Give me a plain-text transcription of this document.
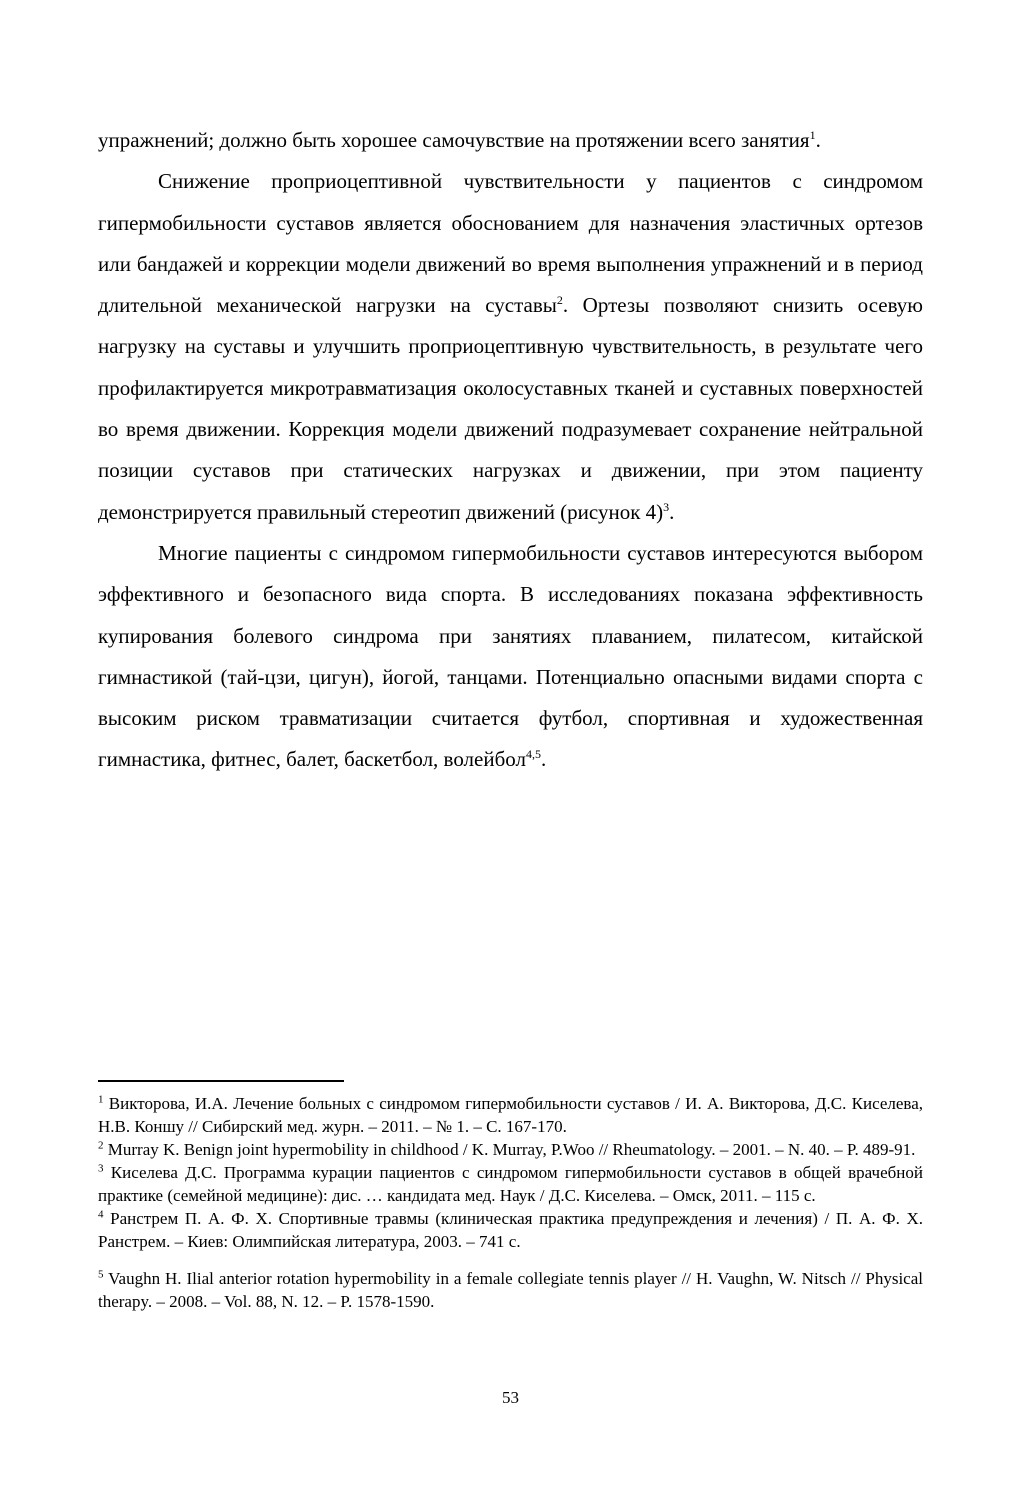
упражнений; должно быть хорошее самочувствие на протяжении всего занятия$^1$.

Снижение проприоцептивной чувствительности у пациентов с синдромом гипермобильности суставов является обоснованием для назначения эластичных ортезов или бандажей и коррекции модели движений во время выполнения упражнений и в период длительной механической нагрузки на суставы$^2$. Ортезы позволяют снизить осевую нагрузку на суставы и улучшить проприоцептивную чувствительность, в результате чего профилактируется микротравматизация околосуставных тканей и суставных поверхностей во время движении. Коррекция модели движений подразумевает сохранение нейтральной позиции суставов при статических нагрузках и движении, при этом пациенту демонстрируется правильный стереотип движений (рисунок 4)$^3$.

Многие пациенты с синдромом гипермобильности суставов интересуются выбором эффективного и безопасного вида спорта. В исследованиях показана эффективность купирования болевого синдрома при занятиях плаванием, пилатесом, китайской гимнастикой (тай-цзи, цигун), йогой, танцами. Потенциально опасными видами спорта с высоким риском травматизации считается футбол, спортивная и художественная гимнастика, фитнес, балет, баскетбол, волейбол$^{4,5}$.

$^1$ Викторова, И.А. Лечение больных с синдромом гипермобильности суставов / И. А. Викторова, Д.С. Киселева, Н.В. Коншу // Сибирский мед. журн. – 2011. – № 1. – С. 167-170.

$^2$ Murray K. Benign joint hypermobility in childhood / K. Murray, P.Woo // Rheumatology. – 2001. – N. 40. – P. 489-91.

$^3$ Киселева Д.С. Программа курации пациентов с синдромом гипермобильности суставов в общей врачебной практике (семейной медицине): дис. … кандидата мед. Наук / Д.С. Киселева. – Омск, 2011. – 115 с.

$^4$ Ранстрем П. А. Ф. Х. Спортивные травмы (клиническая практика предупреждения и лечения) / П. А. Ф. Х. Ранстрем. – Киев: Олимпийская литература, 2003. – 741 с.

$^5$ Vaughn H. Ilial anterior rotation hypermobility in a female collegiate tennis player // H. Vaughn, W. Nitsch // Physical therapy. – 2008. – Vol. 88, N. 12. – P. 1578-1590.

53
